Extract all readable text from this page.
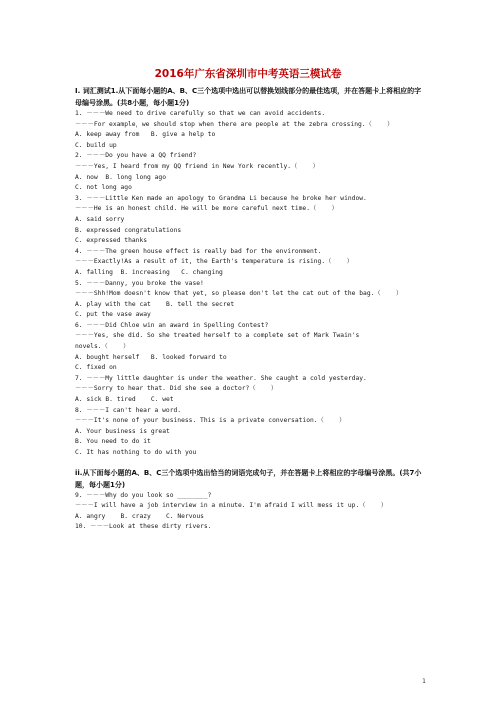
2016年广东省深圳市中考英语三模试卷
I. 词汇测试1.从下面每小题的A、B、C三个选项中选出可以替换划线部分的最佳选项，并在答题卡上将相应的字母编号涂黑。(共8小题，每小题1分)
1. －－－We need to drive carefully so that we can avoid accidents.
－－－For example，we should stop when there are people at the zebra crossing.（    ）
A. keep away from   B. give a help to
C. build up
2. －－－Do you have a QQ friend?
－－－Yes, I heard from my QQ friend in New York recently.（    ）
A. now  B. long long ago
C. not long ago
3. －－－Little Ken made an apology to Grandma Li because he broke her window.
－－－He is an honest child. He will be more careful next time.（    ）
A. said sorry
B. expressed congratulations
C. expressed thanks
4. －－－The green house effect is really bad for the environment.
－－－Exactly!As a result of it, the Earth's temperature is rising.（    ）
A. falling  B. increasing   C. changing
5. －－－Danny, you broke the vase!
－－－Shh!Mom doesn't know that yet, so please don't let the cat out of the bag.（    ）
A. play with the cat    B. tell the secret
C. put the vase away
6. －－－Did Chloe win an award in Spelling Contest?
－－－Yes, she did. So she treated herself to a complete set of Mark Twain's
novels.（    ）
A. bought herself   B. looked forward to
C. fixed on
7. －－－My little daughter is under the weather. She caught a cold yesterday.
－－－Sorry to hear that. Did she see a doctor?（    ）
A. sick B. tired    C. wet
8. －－－I can't hear a word.
－－－It's none of your business. This is a private conversation.（    ）
A. Your business is great
B. You need to do it
C. It has nothing to do with you
ii.从下面每小题的A、B、C三个选项中选出恰当的词语完成句子，并在答题卡上将相应的字母编号涂黑。(共7小题，每小题1分)
9. －－－Why do you look so ________?
－－－I will have a job interview in a minute. I'm afraid I will mess it up.（    ）
A. angry    B. crazy    C. Nervous
10. －－－Look at these dirty rivers.
1
